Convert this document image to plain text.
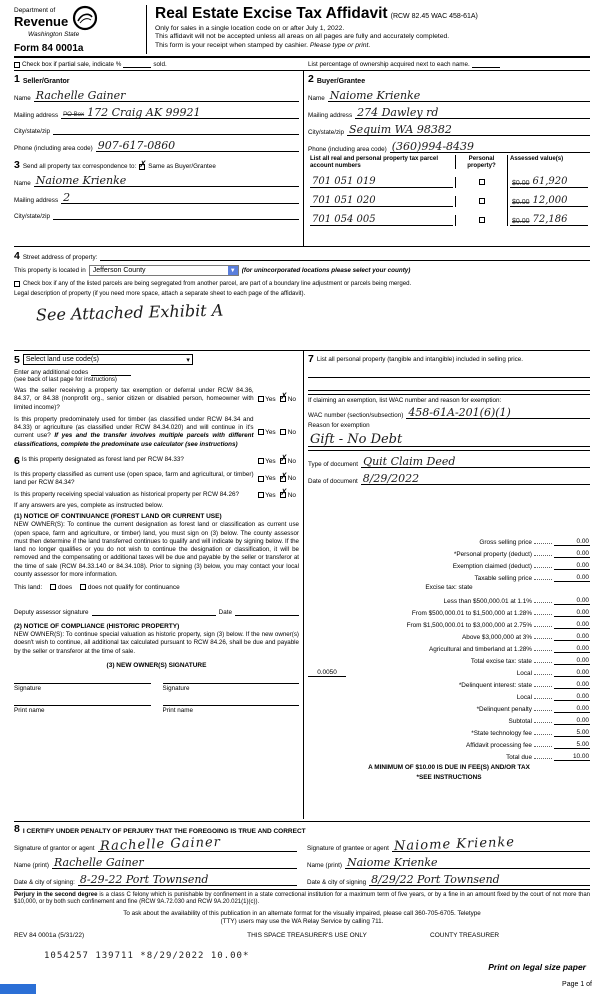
Department of
Revenue
Washington State
Form 84 0001a
Real Estate Excise Tax Affidavit (RCW 82.45 WAC 458-61A)
Only for sales in a single location code on or after July 1, 2022.
This affidavit will not be accepted unless all areas on all pages are fully and accurately completed.
This form is your receipt when stamped by cashier. Please type or print.
Check box if partial sale, indicate %	sold.	List percentage of ownership acquired next to each name.
1 Seller/Grantor
Name Rachelle Gainer
Mailing address PO Box 172 Craig AK 99921
City/state/zip
Phone (including area code) 907-617-0860
3 Send all property tax correspondence to: ✗ Same as Buyer/Grantee
Name Naiome Krienke
Mailing address 2
City/state/zip
2 Buyer/Grantee
Name Naiome Krienke
Mailing address 274 Dawley rd
City/state/zip Sequim WA 98382
Phone (including area code) (360)994-8439
List all real and personal property tax parcel account numbers
Personal property?
Assessed value(s)
701 051 019	$0.00 61,920
701 051 020	$0.00 12,000
701 054 005	$0.00 72,186
4 Street address of property:
This property is located in Jefferson County	▼ (for unincorporated locations please select your county)
Check box if any of the listed parcels are being segregated from another parcel, are part of a boundary line adjustment or parcels being merged.
Legal description of property (if you need more space, attach a separate sheet to each page of the affidavit).
See Attached Exhibit A
5 Select land use code(s)	▾
Enter any additional codes
(see back of last page for instructions)
Was the seller receiving a property tax exemption or deferral under RCW 84.36, 84.37, or 84.38 (nonprofit org., senior citizen or disabled person, homeowner with limited income)?
Yes ✗ No
Is this property predominately used for timber (as classified under RCW 84.34 and 84.33) or agriculture (as classified under RCW 84.34.020) and will continue in it's current use? If yes and the transfer involves multiple parcels with different classifications, complete the predominate use calculator (see instructions)
Yes No
6 Is this property designated as forest land per RCW 84.33?	Yes ✗ No
Is this property classified as current use (open space, farm and agricultural, or timber) land per RCW 84.34?	Yes ✗ No
Is this property receiving special valuation as historical property per RCW 84.26?	Yes ✗ No
If any answers are yes, complete as instructed below.
(1) NOTICE OF CONTINUANCE (FOREST LAND OR CURRENT USE)
NEW OWNER(S): To continue the current designation as forest land or classification as current use (open space, farm and agriculture, or timber) land, you must sign on (3) below. The county assessor must then determine if the land transferred continues to qualify and will indicate by signing below. If the land no longer qualifies or you do not wish to continue the designation or classification, it will be removed and the compensating or additional taxes will be due and payable by the seller or transferor at the time of sale (RCW 84.33.140 or 84.34.108). Prior to signing (3) below, you may contact your local county assessor for more information.
This land:	does	does not qualify for continuance
Deputy assessor signature	Date
(2) NOTICE OF COMPLIANCE (HISTORIC PROPERTY)
NEW OWNER(S): To continue special valuation as historic property, sign (3) below. If the new owner(s) doesn't wish to continue, all additional tax calculated pursuant to RCW 84.26, shall be due and payable by the seller or transferor at the time of sale.
(3) NEW OWNER(S) SIGNATURE
Signature	Signature
Print name	Print name
7 List all personal property (tangible and intangible) included in selling price.
If claiming an exemption, list WAC number and reason for exemption:
WAC number (section/subsection) 458-61A-201(6)(1)
Reason for exemption
Gift - No Debt
Type of document Quit Claim Deed
Date of document 8/29/2022
Gross selling price	0.00
*Personal property (deduct)	0.00
Exemption claimed (deduct)	0.00
Taxable selling price	0.00
Excise tax: state
Less than $500,000.01 at 1.1%	0.00
From $500,000.01 to $1,500,000 at 1.28%	0.00
From $1,500,000.01 to $3,000,000 at 2.75%	0.00
Above $3,000,000 at 3%	0.00
Agricultural and timberland at 1.28%	0.00
Total excise tax: state	0.00
0.0050	Local	0.00
*Delinquent interest: state	0.00
Local	0.00
*Delinquent penalty	0.00
Subtotal	0.00
*State technology fee	5.00
Affidavit processing fee	5.00
Total due	10.00
A MINIMUM OF $10.00 IS DUE IN FEE(S) AND/OR TAX
*SEE INSTRUCTIONS
8 I CERTIFY UNDER PENALTY OF PERJURY THAT THE FOREGOING IS TRUE AND CORRECT
Signature of grantor or agent Rachelle Gainer
Name (print) Rachelle Gainer
Date & city of signing: 8-29-22 Port Townsend
Signature of grantee or agent Naiome Krienke
Name (print) Naiome Krienke
Date & city of signing 8/29/22 Port Townsend
Perjury in the second degree is a class C felony which is punishable by confinement in a state correctional institution for a maximum term of five years, or by a fine in an amount fixed by the court of not more than $10,000, or by both such confinement and fine (RCW 9A.72.030 and RCW 9A.20.021(1)(c)).
To ask about the availability of this publication in an alternate format for the visually impaired, please call 360-705-6705. Teletype
(TTY) users may use the WA Relay Service by calling 711.
REV 84 0001a (5/31/22)	THIS SPACE TREASURER'S USE ONLY	COUNTY TREASURER
1054257 139711 *8/29/2022 10.00*
Print on legal size paper
Page 1 of
